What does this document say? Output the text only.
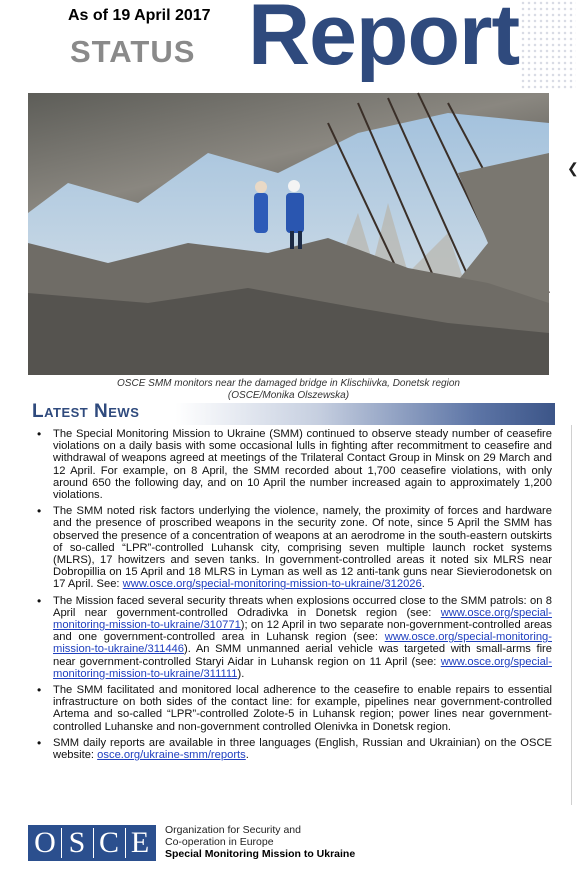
As of 19 April 2017
STATUS Report
OSCE SMM monitors near the damaged bridge in Klischiivka, Donetsk region
(OSCE/Monika Olszewska)
❮
Latest News
• The Special Monitoring Mission to Ukraine (SMM) continued to observe steady number of ceasefire violations on a daily basis with some occasional lulls in fighting after recommitment to ceasefire and withdrawal of weapons agreed at meetings of the Trilateral Contact Group in Minsk on 29 March and 12 April. For example, on 8 April, the SMM recorded about 1,700 ceasefire violations, with only around 650 the following day, and on 10 April the number increased again to approximately 1,200 violations.
• The SMM noted risk factors underlying the violence, namely, the proximity of forces and hardware and the presence of proscribed weapons in the security zone. Of note, since 5 April the SMM has observed the presence of a concentration of weapons at an aerodrome in the south-eastern outskirts of so-called “LPR”-controlled Luhansk city, comprising seven multiple launch rocket systems (MLRS), 17 howitzers and seven tanks. In government-controlled areas it noted six MLRS near Dobropillia on 15 April and 18 MLRS in Lyman as well as 12 anti-tank guns near Sievierodonetsk on 17 April. See: www.osce.org/special-monitoring-mission-to-ukraine/312026.
• The Mission faced several security threats when explosions occurred close to the SMM patrols: on 8 April near government-controlled Odradivka in Donetsk region (see: www.osce.org/special-monitoring-mission-to-ukraine/310771); on 12 April in two separate non-government-controlled areas and one government-controlled area in Luhansk region (see: www.osce.org/special-monitoring-mission-to-ukraine/311446). An SMM unmanned aerial vehicle was targeted with small-arms fire near government-controlled Staryi Aidar in Luhansk region on 11 April (see: www.osce.org/special-monitoring-mission-to-ukraine/311111).
• The SMM facilitated and monitored local adherence to the ceasefire to enable repairs to essential infrastructure on both sides of the contact line: for example, pipelines near government-controlled Artema and so-called “LPR”-controlled Zolote-5 in Luhansk region; power lines near government-controlled Luhanske and non-government controlled Olenivka in Donetsk region.
• SMM daily reports are available in three languages (English, Russian and Ukrainian) on the OSCE website: osce.org/ukraine-smm/reports.
O S C E	Organization for Security and
Co-operation in Europe
Special Monitoring Mission to Ukraine
